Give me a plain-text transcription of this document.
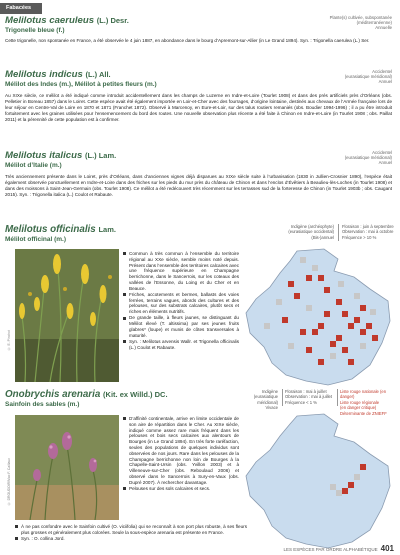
Fabacées
Melilotus caeruleus (L.) Desr.
Trigonelle bleue (f.)
Plante(s) cultivée, subspontanée
(méditerranéenne)
Annuelle
Cette trigonelle, non spontanée en France, a été observée le 4 juin 1887, en abondance dans le bourg d’Apremont-sur-Allier (in Le Grand 1894). Syn. : Trigonella caerulea (L.) Ser.
Melilotus indicus (L.) All.
Mélilot des Indes (m.), Mélilot à petites fleurs (m.)
Accidentel
(eurasiatique méridional)
Annuel
Au XIXe siècle, ce mélilot a été indiqué comme introduit accidentellement dans les champs de Luzerne en Indre-et-Loire (Tourlet 1908) et dans des prés artificiels près d’Orléans (obs. Pelletier in Boreau 1857) dans le Loiret. Cette espèce avait été également importée en Loir-et-Cher avec des fourrages, d’origine lointaine, destinés aux chevaux de l’Armée française lors de leur séjour en Centre-Val de Loire en 1870 et 1871 (Franchet 1872). Observé à Marcenoy, en Eure-et-Loir, sur des talus routiers remaniés (obs. Boudier 1994-1996) ; il a pu être introduit fortuitement avec les graines utilisées pour l’ensemencement du bord des routes. Une nouvelle observation plus récente a été faite à Chinon en Indre-et-Loire (in Tourlet 1908 ; obs. Paillat 2011) et la pérennité de cette population est à confirmer.
Melilotus italicus (L.) Lam.
Mélilot d’Italie (m.)
Accidentel
(eurasiatique méridional)
Annuel
Très anciennement présente dans le Loiret, près d’Orléans, dans d’anciennes vignes déjà disparues au XIXe siècle suite à l’urbanisation (1830 in Jullien-Crosnier 1890), l’espèce était également observée ponctuellement en Indre-et-Loire dans des friches sur les pieds du mur près du château de Chinon et dans l’enclos d’Évêtiers à Beaulieu-lès-Loches (in Tourlet 1908) et dans des moissons à Saint-Jean-Germain (obs. Tourlet 1908). Ce mélilot a été redécouvert très récemment sur les terrasses sud de la forteresse de Chinon (in Tourlet 1903b ; obs. Caugant 2015). Syn. : Trigonella italica (L.) Coulot et Rabaute.
Melilotus officinalis Lam.
Mélilot officinal (m.)
Indigène (archéophyte)
(eurasiatique occidental)
(Bis-)annuel
Floraison : juin à septembre
Observation : mai à octobre
Fréquence > 10 %
© E. Pinchot
Commun à très commun à l’ensemble du territoire régional au XXe siècle, semble moins noté depuis. Présent dans l’ensemble des territoires calcaires avec une fréquence supérieure en Champagne berrichonne, dans le Sancerrois, sur les coteaux des vallées de l’Essonne, du Loing et du Cher et en Beauce.
Friches, accotements et bermes, ballasts des voies ferrées, terrains vagues, abords des cultures et des pelouses, sur des substrats calcaires, plutôt secs et riches en éléments nutritifs.
De grande taille, à fleurs jaunes, se distinguant du Mélilot élevé (T. altissima) par ses jeunes fruits glabres* (loupe) et munis de côtes transversales à maturité.
Syn. : Melilotus arvensis Wallr. et Trigonella officinalis (L.) Coulot et Rabaute.
Onobrychis arenaria (Kit. ex Willd.) DC.
Sainfoin des sables (m.)
Indigène
(eurasiatique méridional)
Vivace
Floraison : mai à juillet
Observation : mai à juillet
Fréquence < 1 %
Liste rouge nationale (en danger)
Liste rouge régionale
(en danger critique)
Déterminante de ZNIEFF
© DROUDOIR/Mac F. Caillaux
D’affinité continentale, arrive en limite occidentale de son aire de répartition dans le Cher. Au XIXe siècle, indiqué comme assez rare mais fréquent dans les pelouses et bois secs calcaires aux alentours de Bourges (in Le Grand 1894). En très forte raréfaction, seules des populations de quelques individus sont observées de nos jours. Rare dans les pelouses de la Champagne berrichonne non loin de Bourges à la Chapelle-Saint-Ursin (obs. Yvillon 2003) et à Villeneuve-sur-Cher (obs. Reboulaud 2006) et observé dans le Sancerrois à Sury-en-Vaux (obs. Dupré 2007). À rechercher davantage.
Pelouses sur des sols calcaires et secs.
À ne pas confondre avec le Sainfoin cultivé (O. viciifolia) qui se reconnaît à son port plus robuste, à ses fleurs plus grosses et généralement plus colorées. Seule la sous-espèce arenaria est présente en France.
Syn. : O. collina Jord.
LES ESPÈCES PAR ORDRE ALPHABÉTIQUE 401
